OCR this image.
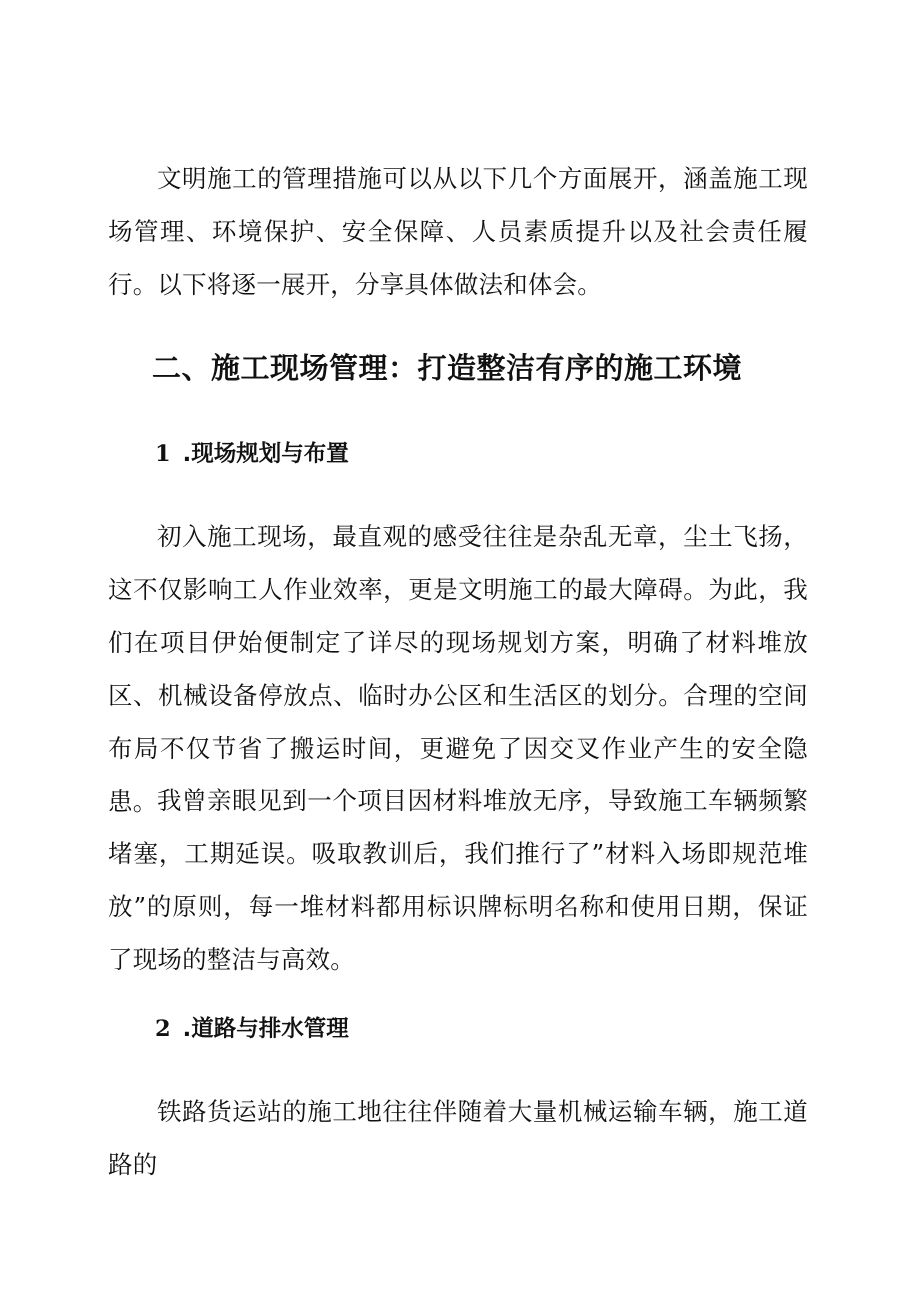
文明施工的管理措施可以从以下几个方面展开，涵盖施工现场管理、环境保护、安全保障、人员素质提升以及社会责任履行。以下将逐一展开，分享具体做法和体会。

二、施工现场管理：打造整洁有序的施工环境
1 .现场规划与布置

初入施工现场，最直观的感受往往是杂乱无章，尘土飞扬，这不仅影响工人作业效率，更是文明施工的最大障碍。为此，我们在项目伊始便制定了详尽的现场规划方案，明确了材料堆放区、机械设备停放点、临时办公区和生活区的划分。合理的空间布局不仅节省了搬运时间，更避免了因交叉作业产生的安全隐患。 我曾亲眼见到一个项目因材料堆放无序，导致施工车辆频繁堵塞，工期延误。吸取教训后，我们推行了”材料入场即规范堆放”的原则，每一堆材料都用标识牌标明名称和使用日期，保证了现场的整洁与高效。

2 .道路与排水管理

铁路货运站的施工地往往伴随着大量机械运输车辆，施工道路的
